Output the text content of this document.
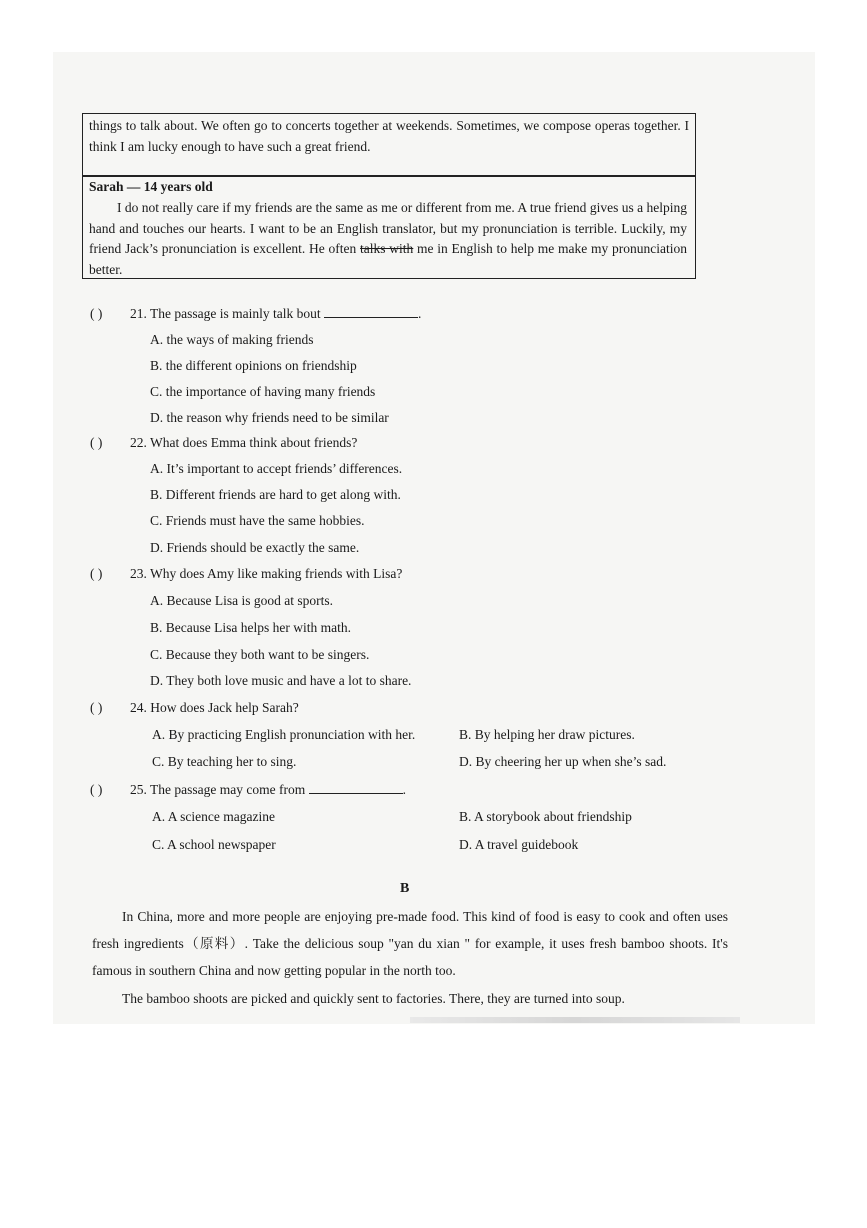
things to talk about. We often go to concerts together at weekends. Sometimes, we compose operas together. I think I am lucky enough to have such a great friend.
Sarah — 14 years old
I do not really care if my friends are the same as me or different from me. A true friend gives us a helping hand and touches our hearts. I want to be an English translator, but my pronunciation is terrible. Luckily, my friend Jack’s pronunciation is excellent. He often talks with me in English to help me make my pronunciation better.
( ) 21. The passage is mainly talk bout	.
A. the ways of making friends
B. the different opinions on friendship
C. the importance of having many friends
D. the reason why friends need to be similar
( ) 22. What does Emma think about friends?
A. It’s important to accept friends’ differences.
B. Different friends are hard to get along with.
C. Friends must have the same hobbies.
D. Friends should be exactly the same.
( ) 23. Why does Amy like making friends with Lisa?
A. Because Lisa is good at sports.
B. Because Lisa helps her with math.
C. Because they both want to be singers.
D. They both love music and have a lot to share.
( ) 24. How does Jack help Sarah?
A. By practicing English pronunciation with her.	B. By helping her draw pictures.
C. By teaching her to sing.	D. By cheering her up when she’s sad.
( ) 25. The passage may come from	.
A. A science magazine	B. A storybook about friendship
C. A school newspaper	D. A travel guidebook
B
In China, more and more people are enjoying pre-made food. This kind of food is easy to cook and often uses fresh ingredients（原料）. Take the delicious soup "yan du xian " for example, it uses fresh bamboo shoots. It's famous in southern China and now getting popular in the north too.
The bamboo shoots are picked and quickly sent to factories. There, they are turned into soup.
